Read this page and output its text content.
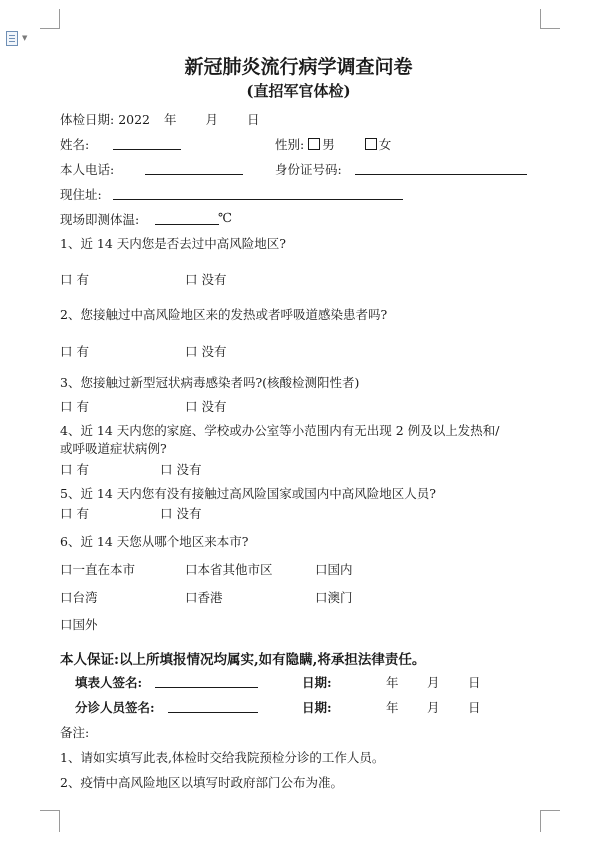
▼
新冠肺炎流行病学调查问卷
(直招军官体检)
体检日期: 2022 年 月 日
姓名:	性别: 男	女
本人电话:	身份证号码:
现住址:
现场即测体温:	℃
1、近 14 天内您是否去过中高风险地区?
口 有	口 没有
2、您接触过中高风险地区来的发热或者呼吸道感染患者吗?
口 有	口 没有
3、您接触过新型冠状病毒感染者吗?(核酸检测阳性者)
口 有	口 没有
4、近 14 天内您的家庭、学校或办公室等小范围内有无出现 2 例及以上发热和/
或呼吸道症状病例?
口 有	口 没有
5、近 14 天内您有没有接触过高风险国家或国内中高风险地区人员?
口 有	口 没有
6、近 14 天您从哪个地区来本市?
口一直在本市	口本省其他市区	口国内
口台湾	口香港	口澳门
口国外
本人保证:以上所填报情况均属实,如有隐瞒,将承担法律责任。
填表人签名:	日期:	年 月 日
分诊人员签名:	日期:	年 月 日
备注:
1、请如实填写此表,体检时交给我院预检分诊的工作人员。
2、疫情中高风险地区以填写时政府部门公布为准。
